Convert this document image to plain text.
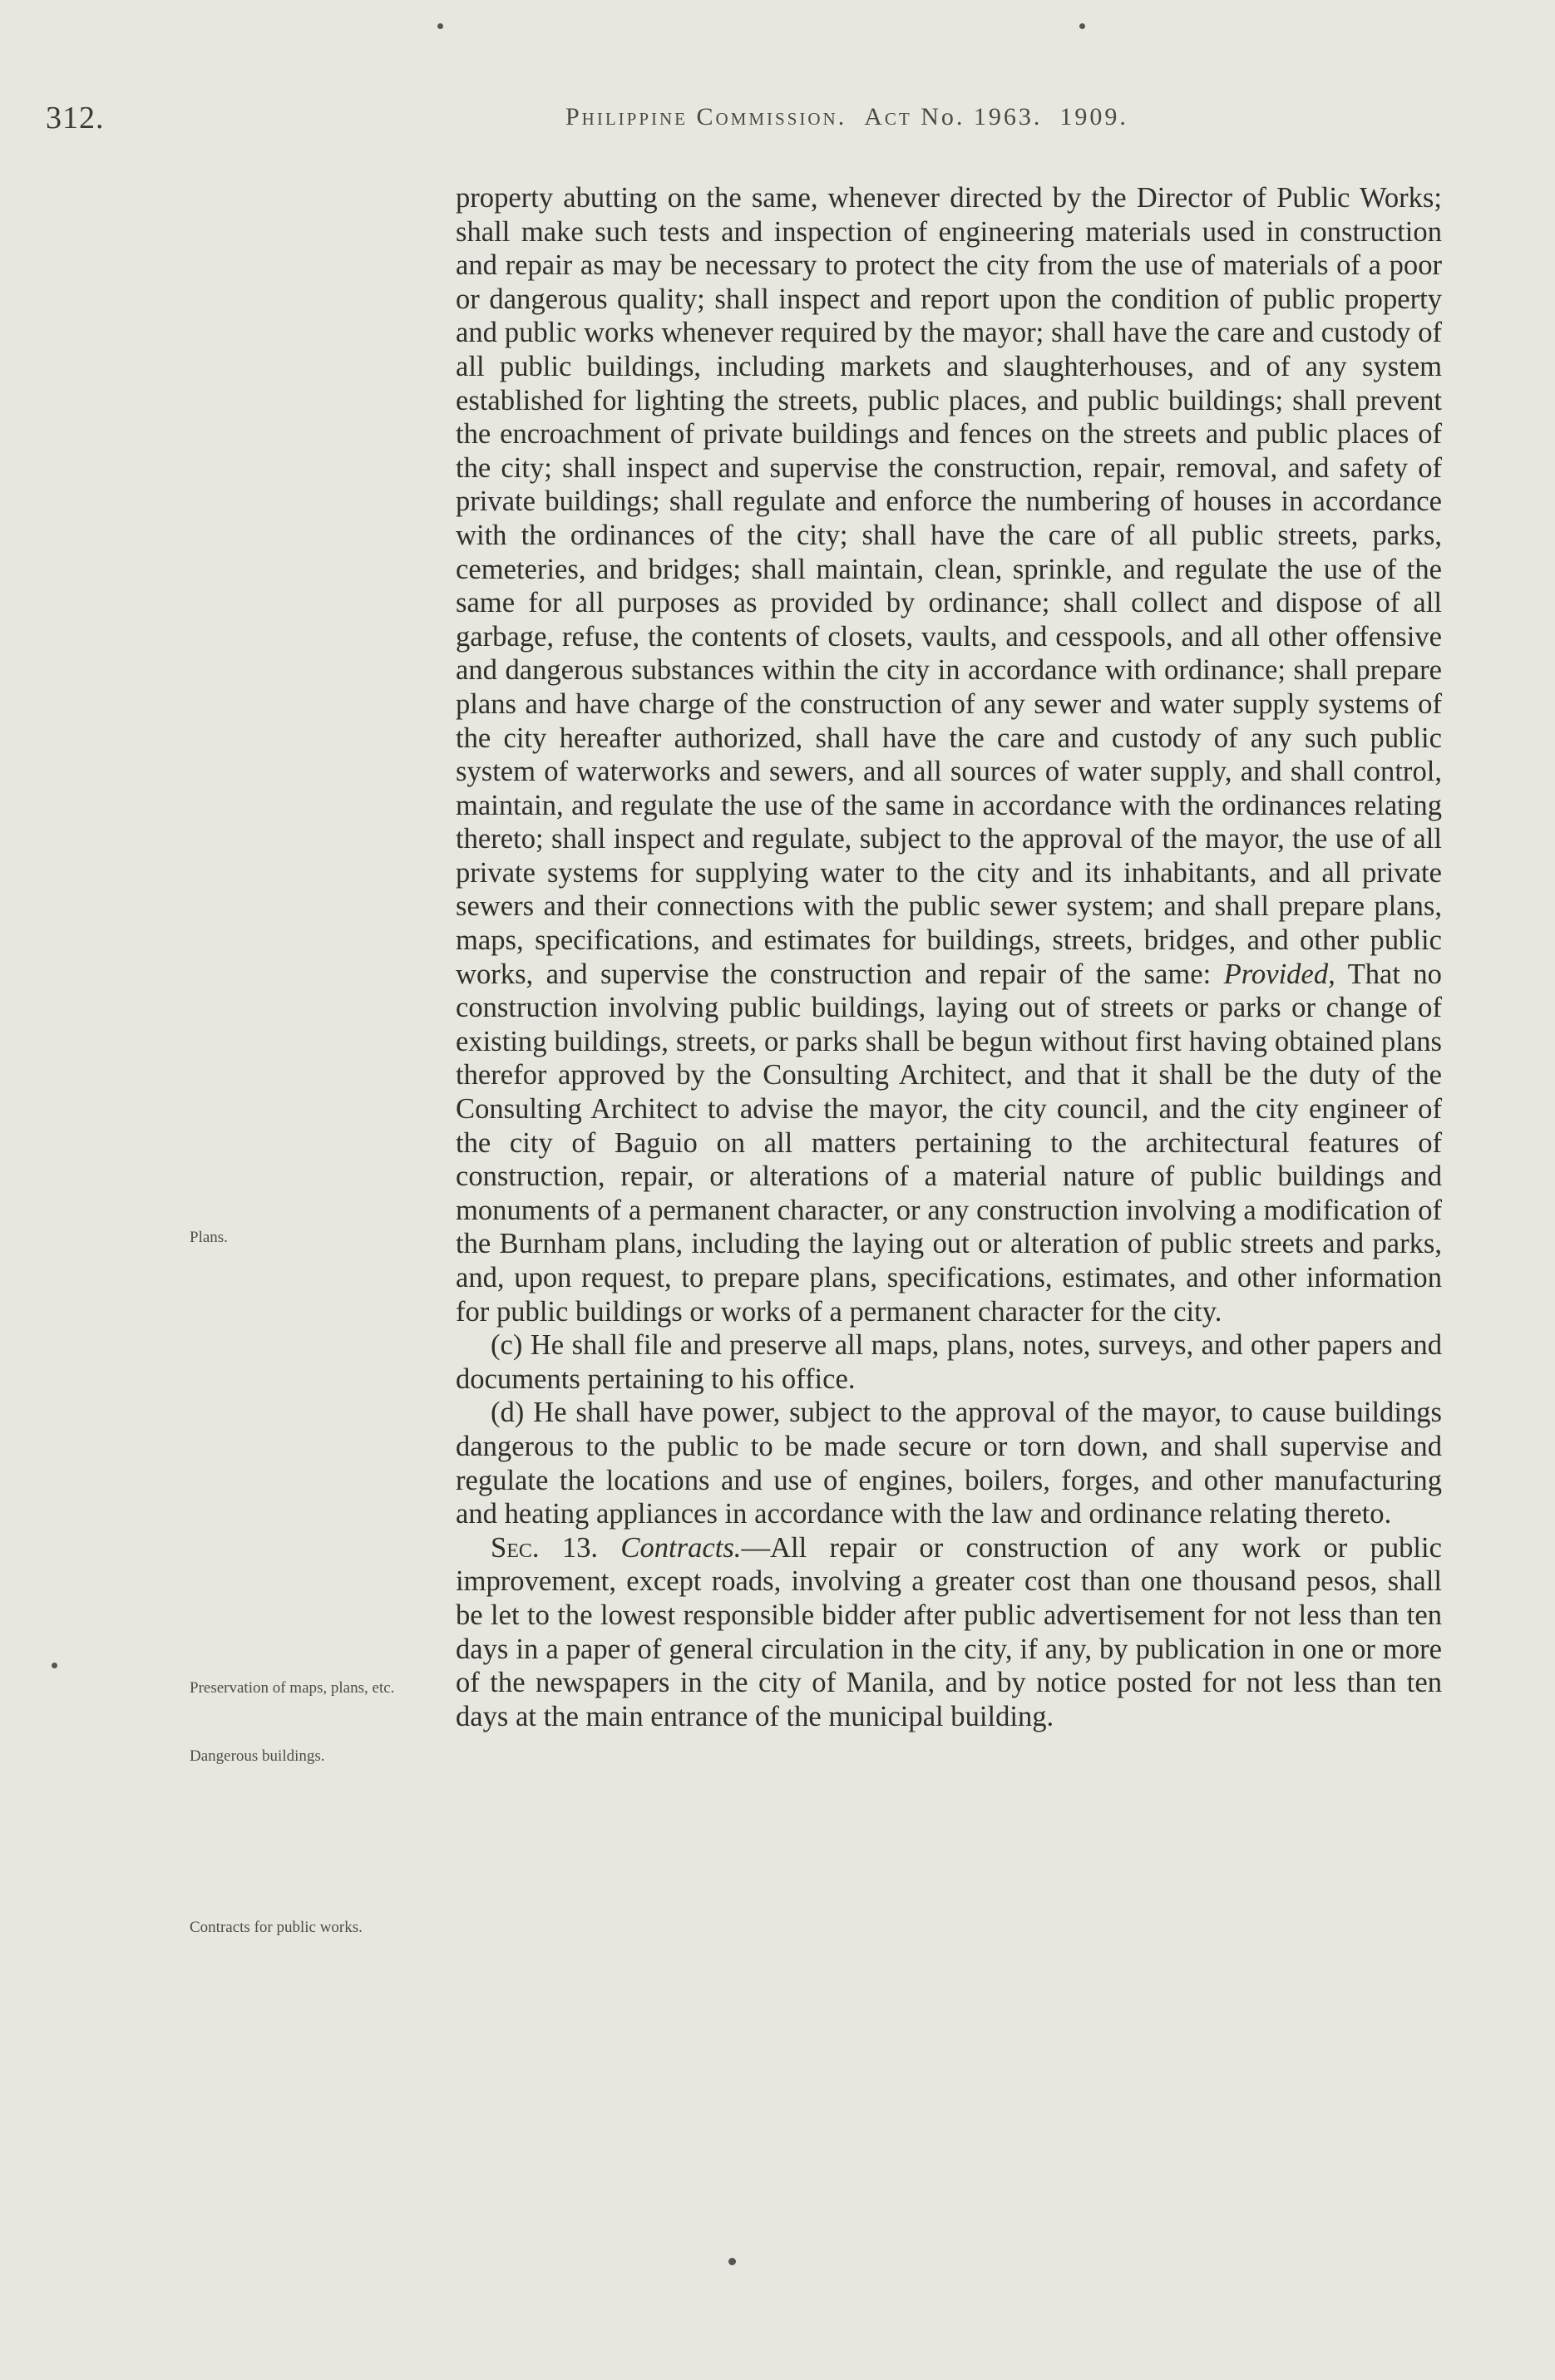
312.	Philippine Commission. Act No. 1963. 1909.
Plans.
Preservation of maps, plans, etc.
Dangerous buildings.
Contracts for public works.

property abutting on the same, whenever directed by the Director of Public Works; shall make such tests and inspection of engineering materials used in construction and repair as may be necessary to protect the city from the use of materials of a poor or dangerous quality; shall inspect and report upon the condition of public property and public works whenever required by the mayor; shall have the care and custody of all public buildings, including markets and slaughterhouses, and of any system established for lighting the streets, public places, and public buildings; shall prevent the encroachment of private buildings and fences on the streets and public places of the city; shall inspect and supervise the construction, repair, removal, and safety of private buildings; shall regulate and enforce the numbering of houses in accordance with the ordinances of the city; shall have the care of all public streets, parks, cemeteries, and bridges; shall maintain, clean, sprinkle, and regulate the use of the same for all purposes as provided by ordinance; shall collect and dispose of all garbage, refuse, the contents of closets, vaults, and cesspools, and all other offensive and dangerous substances within the city in accordance with ordinance; shall prepare plans and have charge of the construction of any sewer and water supply systems of the city hereafter authorized, shall have the care and custody of any such public system of waterworks and sewers, and all sources of water supply, and shall control, maintain, and regulate the use of the same in accordance with the ordinances relating thereto; shall inspect and regulate, subject to the approval of the mayor, the use of all private systems for supplying water to the city and its inhabitants, and all private sewers and their connections with the public sewer system; and shall prepare plans, maps, specifications, and estimates for buildings, streets, bridges, and other public works, and supervise the construction and repair of the same: Provided, That no construction involving public buildings, laying out of streets or parks or change of existing buildings, streets, or parks shall be begun without first having obtained plans therefor approved by the Consulting Architect, and that it shall be the duty of the Consulting Architect to advise the mayor, the city council, and the city engineer of the city of Baguio on all matters pertaining to the architectural features of construction, repair, or alterations of a material nature of public buildings and monuments of a permanent character, or any construction involving a modification of the Burnham plans, including the laying out or alteration of public streets and parks, and, upon request, to prepare plans, specifications, estimates, and other information for public buildings or works of a permanent character for the city.

(c) He shall file and preserve all maps, plans, notes, surveys, and other papers and documents pertaining to his office.

(d) He shall have power, subject to the approval of the mayor, to cause buildings dangerous to the public to be made secure or torn down, and shall supervise and regulate the locations and use of engines, boilers, forges, and other manufacturing and heating appliances in accordance with the law and ordinance relating thereto.

Sec. 13. Contracts.—All repair or construction of any work or public improvement, except roads, involving a greater cost than one thousand pesos, shall be let to the lowest responsible bidder after public advertisement for not less than ten days in a paper of general circulation in the city, if any, by publication in one or more of the newspapers in the city of Manila, and by notice posted for not less than ten days at the main entrance of the municipal building.
